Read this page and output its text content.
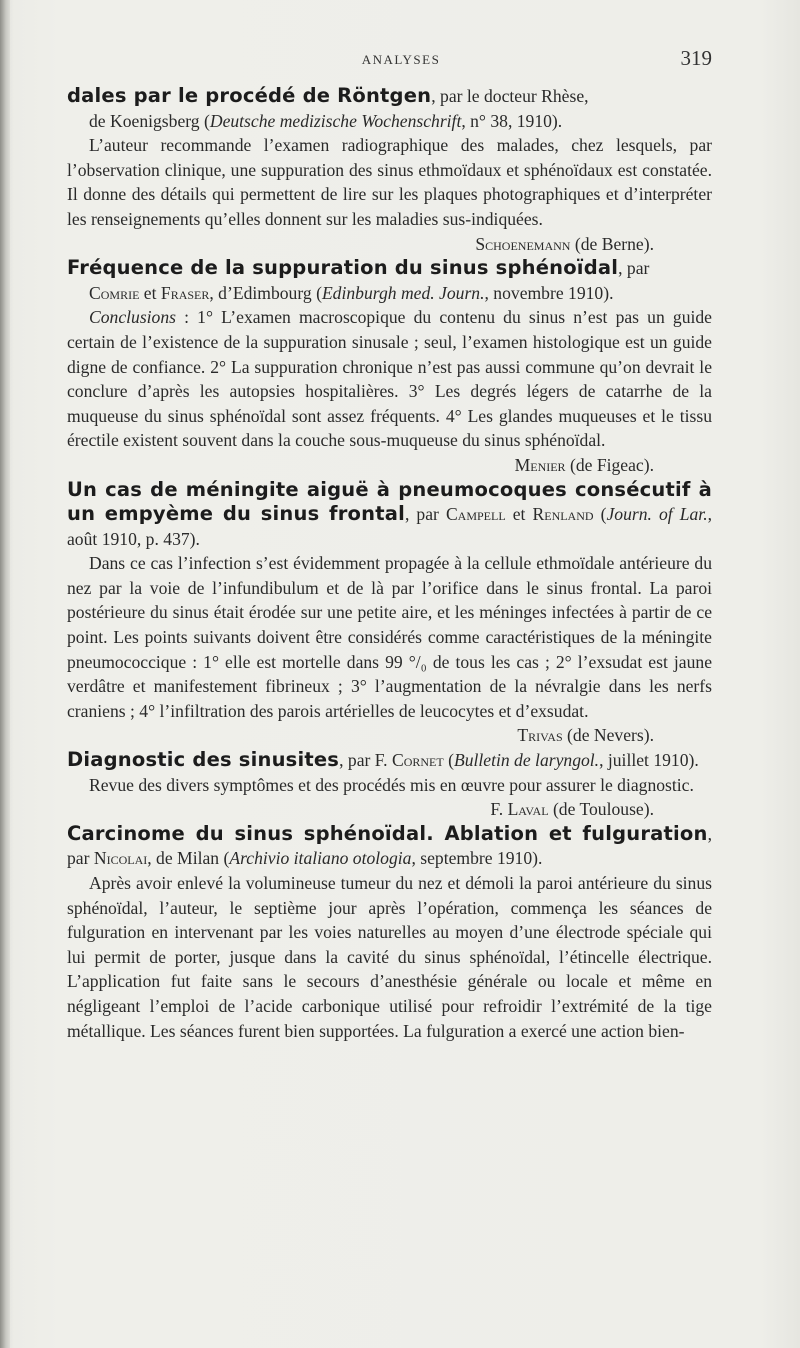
ANALYSES	319

dales par le procédé de Röntgen, par le docteur Rhèse,

de Koenigsberg (Deutsche medizische Wochenschrift, n° 38, 1910).

L’auteur recommande l’examen radiographique des malades, chez lesquels, par l’observation clinique, une suppuration des sinus ethmoïdaux et sphénoïdaux est constatée. Il donne des détails qui permettent de lire sur les plaques photographiques et d’interpréter les renseignements qu’elles donnent sur les maladies sus-indiquées.

Schoenemann (de Berne).

Fréquence de la suppuration du sinus sphénoïdal, par

Comrie et Fraser, d’Edimbourg (Edinburgh med. Journ., novembre 1910).

Conclusions : 1° L’examen macroscopique du contenu du sinus n’est pas un guide certain de l’existence de la suppuration sinusale ; seul, l’examen histologique est un guide digne de confiance. 2° La suppuration chronique n’est pas aussi commune qu’on devrait le conclure d’après les autopsies hospitalières. 3° Les degrés légers de catarrhe de la muqueuse du sinus sphénoïdal sont assez fréquents. 4° Les glandes muqueuses et le tissu érectile existent souvent dans la couche sous-muqueuse du sinus sphénoïdal.

Menier (de Figeac).

Un cas de méningite aiguë à pneumocoques consécutif à un empyème du sinus frontal, par Campell et Renland (Journ. of Lar., août 1910, p. 437).

Dans ce cas l’infection s’est évidemment propagée à la cellule ethmoïdale antérieure du nez par la voie de l’infundibulum et de là par l’orifice dans le sinus frontal. La paroi postérieure du sinus était érodée sur une petite aire, et les méninges infectées à partir de ce point. Les points suivants doivent être considérés comme caractéristiques de la méningite pneumococcique : 1° elle est mortelle dans 99 °/₀ de tous les cas ; 2° l’exsudat est jaune verdâtre et manifestement fibrineux ; 3° l’augmentation de la névralgie dans les nerfs craniens ; 4° l’infiltration des parois artérielles de leucocytes et d’exsudat.

Trivas (de Nevers).

Diagnostic des sinusites, par F. Cornet (Bulletin de laryngol., juillet 1910).

Revue des divers symptômes et des procédés mis en œuvre pour assurer le diagnostic.

F. Laval (de Toulouse).

Carcinome du sinus sphénoïdal. Ablation et fulguration, par Nicolai, de Milan (Archivio italiano otologia, septembre 1910).

Après avoir enlevé la volumineuse tumeur du nez et démoli la paroi antérieure du sinus sphénoïdal, l’auteur, le septième jour après l’opération, commença les séances de fulguration en intervenant par les voies naturelles au moyen d’une électrode spéciale qui lui permit de porter, jusque dans la cavité du sinus sphénoïdal, l’étincelle électrique. L’application fut faite sans le secours d’anesthésie générale ou locale et même en négligeant l’emploi de l’acide carbonique utilisé pour refroidir l’extrémité de la tige métallique. Les séances furent bien supportées. La fulguration a exercé une action bien-
